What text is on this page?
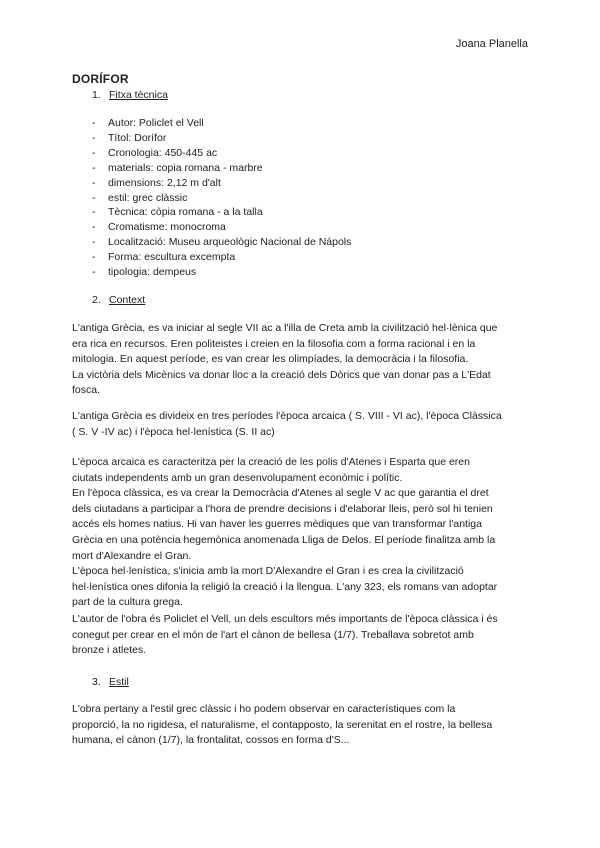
Joana Planella
DORÍFOR
1. Fitxa tècnica
- Autor: Policlet el Vell
- Títol: Dorífor
- Cronologia: 450-445 ac
- materials: copia romana - marbre
- dimensions: 2,12 m d'alt
- estil: grec clàssic
- Tècnica: còpia romana - a la talla
- Cromatisme: monocroma
- Localització: Museu arqueològic Nacional de Nápols
- Forma: escultura excempta
- tipologia: dempeus
2. Context

L'antiga Grècia, es va iniciar al segle VII ac a l'illa de Creta amb la civilització hel·lènica que
era rica en recursos. Eren politeistes i creien en la filosofia com a forma racional i en la
mitologia. En aquest període, es van crear les olimpíades, la democràcia i la filosofia.
La victòria dels Micènics va donar lloc a la creació dels Dòrics que van donar pas a L'Edat
fosca.

L'antiga Grècia es divideix en tres períodes l'època arcaica ( S. VIII - VI ac), l'època Clàssica
( S. V -IV ac) i l'època hel·lenística (S. II ac)

L'època arcaica es caracteritza per la creació de les polis d'Atenes i Esparta que eren
ciutats independents amb un gran desenvolupament econòmic i polític.
En l'època clàssica, es va crear la Democràcia d'Atenes al segle V ac que garantia el dret
dels ciutadans a participar a l'hora de prendre decisions i d'elaborar lleis, però sol hi tenien
accés els homes natius. Hi van haver les guerres mèdiques que van transformar l'antiga
Grècia en una potència hegemònica anomenada Lliga de Delos. El període finalitza amb la
mort d'Alexandre el Gran.
L'època hel·lenística, s'inicia amb la mort D'Alexandre el Gran i es crea la civilització
hel·lenística ones difonia la religió la creació i la llengua. L'any 323, els romans van adoptar
part de la cultura grega.

L'autor de l'obra és Policlet el Vell, un dels escultors més importants de l'època clàssica i és
conegut per crear en el món de l'art el cànon de bellesa (1/7). Treballava sobretot amb
bronze i atletes.

3. Estil

L'obra pertany a l'estil grec clàssic i ho podem observar en característiques com la
proporció, la no rigidesa, el naturalisme, el contapposto, la serenitat en el rostre, la bellesa
humana, el cànon (1/7), la frontalitat, cossos en forma d'S...
